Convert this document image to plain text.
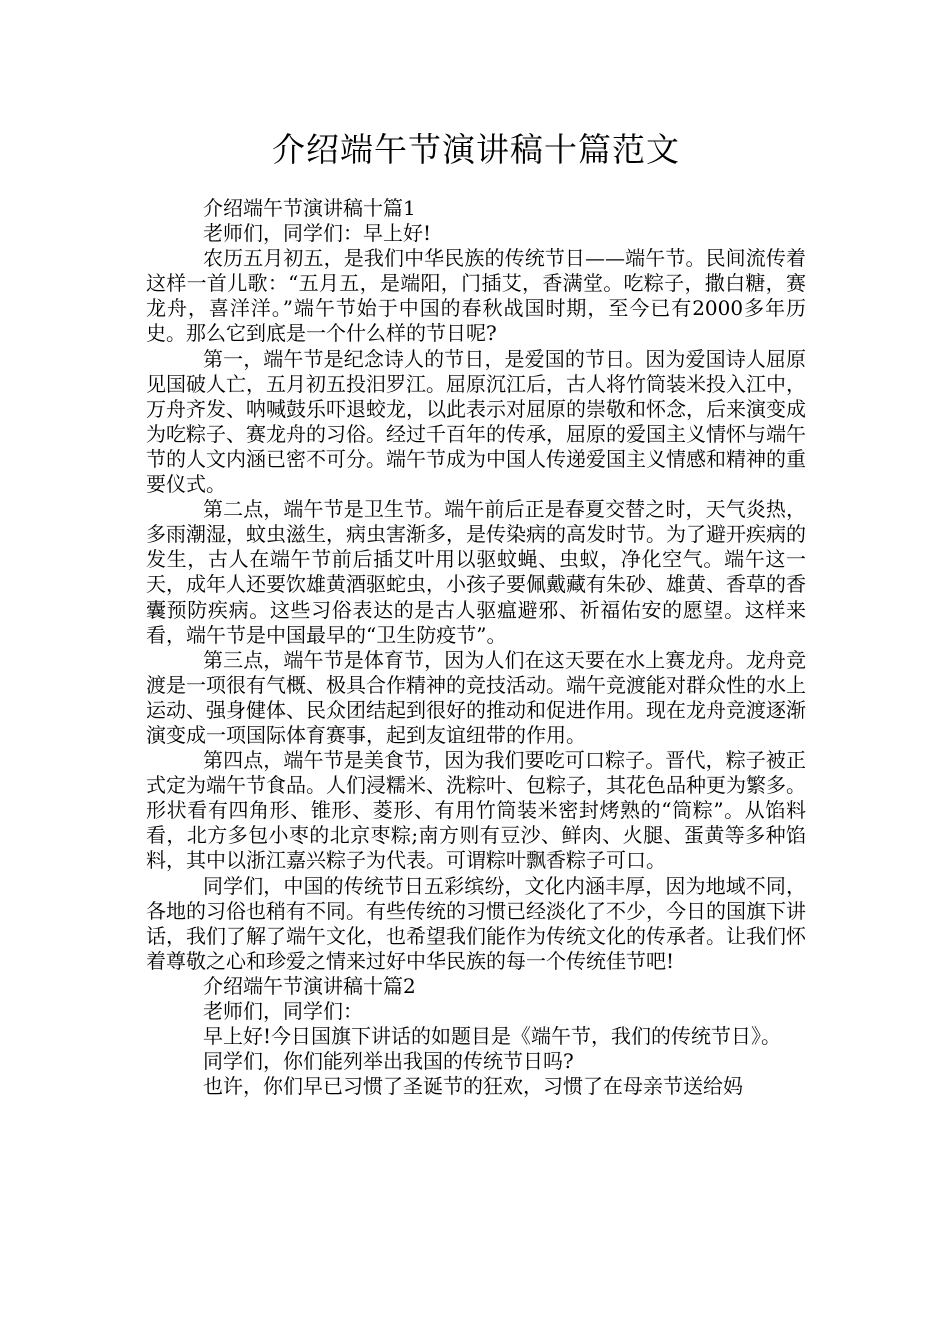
介绍端午节演讲稿十篇范文

介绍端午节演讲稿十篇1

老师们，同学们：早上好!

农历五月初五，是我们中华民族的传统节日——端午节。民间流传着这样一首儿歌：“五月五，是端阳，门插艾，香满堂。吃粽子，撒白糖，赛龙舟，喜洋洋。”端午节始于中国的春秋战国时期，至今已有2000多年历史。那么它到底是一个什么样的节日呢?

第一，端午节是纪念诗人的节日，是爱国的节日。因为爱国诗人屈原见国破人亡，五月初五投汨罗江。屈原沉江后，古人将竹筒装米投入江中，万舟齐发、呐喊鼓乐吓退蛟龙，以此表示对屈原的崇敬和怀念，后来演变成为吃粽子、赛龙舟的习俗。经过千百年的传承，屈原的爱国主义情怀与端午节的人文内涵已密不可分。端午节成为中国人传递爱国主义情感和精神的重要仪式。

第二点，端午节是卫生节。端午前后正是春夏交替之时，天气炎热，多雨潮湿，蚊虫滋生，病虫害渐多，是传染病的高发时节。为了避开疾病的发生，古人在端午节前后插艾叶用以驱蚊蝇、虫蚁，净化空气。端午这一天，成年人还要饮雄黄酒驱蛇虫，小孩子要佩戴藏有朱砂、雄黄、香草的香囊预防疾病。这些习俗表达的是古人驱瘟避邪、祈福佑安的愿望。这样来看，端午节是中国最早的“卫生防疫节”。

第三点，端午节是体育节，因为人们在这天要在水上赛龙舟。龙舟竞渡是一项很有气概、极具合作精神的竞技活动。端午竞渡能对群众性的水上运动、强身健体、民众团结起到很好的推动和促进作用。现在龙舟竞渡逐渐演变成一项国际体育赛事，起到友谊纽带的作用。

第四点，端午节是美食节，因为我们要吃可口粽子。晋代，粽子被正式定为端午节食品。人们浸糯米、洗粽叶、包粽子，其花色品种更为繁多。形状看有四角形、锥形、菱形、有用竹筒装米密封烤熟的“筒粽”。从馅料看，北方多包小枣的北京枣粽;南方则有豆沙、鲜肉、火腿、蛋黄等多种馅料，其中以浙江嘉兴粽子为代表。可谓粽叶飘香粽子可口。

同学们，中国的传统节日五彩缤纷，文化内涵丰厚，因为地域不同，各地的习俗也稍有不同。有些传统的习惯已经淡化了不少，今日的国旗下讲话，我们了解了端午文化，也希望我们能作为传统文化的传承者。让我们怀着尊敬之心和珍爱之情来过好中华民族的每一个传统佳节吧!

介绍端午节演讲稿十篇2

老师们，同学们：

早上好!今日国旗下讲话的如题目是《端午节，我们的传统节日》。

同学们，你们能列举出我国的传统节日吗?

也许，你们早已习惯了圣诞节的狂欢，习惯了在母亲节送给妈
